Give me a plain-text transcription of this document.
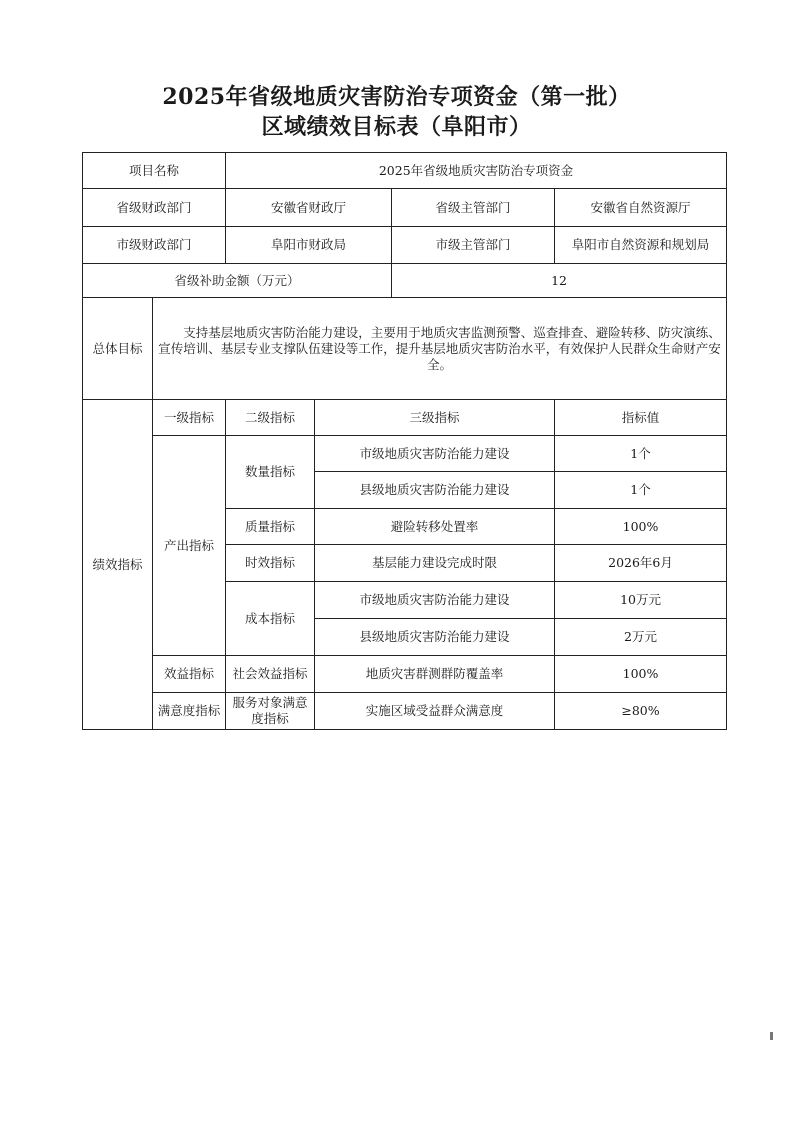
2025年省级地质灾害防治专项资金（第一批）
区域绩效目标表（阜阳市）
项目名称		2025年省级地质灾害防治专项资金			
省级财政部门		安徽省财政厅		省级主管部门	安徽省自然资源厅
市级财政部门		阜阳市财政局		市级主管部门	阜阳市自然资源和规划局
省级补助金额（万元）				12	
总体目标	支持基层地质灾害防治能力建设，主要用于地质灾害监测预警、巡查排查、避险转移、防灾演练、宣传培训、基层专业支撑队伍建设等工作，提升基层地质灾害防治水平，有效保护人民群众生命财产安全。				
绩效指标	一级指标	二级指标	三级指标		指标值
	产出指标	数量指标	市级地质灾害防治能力建设		1个
			县级地质灾害防治能力建设		1个
		质量指标	避险转移处置率		100%
		时效指标	基层能力建设完成时限		2026年6月
		成本指标	市级地质灾害防治能力建设		10万元
			县级地质灾害防治能力建设		2万元
	效益指标	社会效益指标	地质灾害群测群防覆盖率		100%
	满意度指标	服务对象满意度指标	实施区域受益群众满意度		≥80%
